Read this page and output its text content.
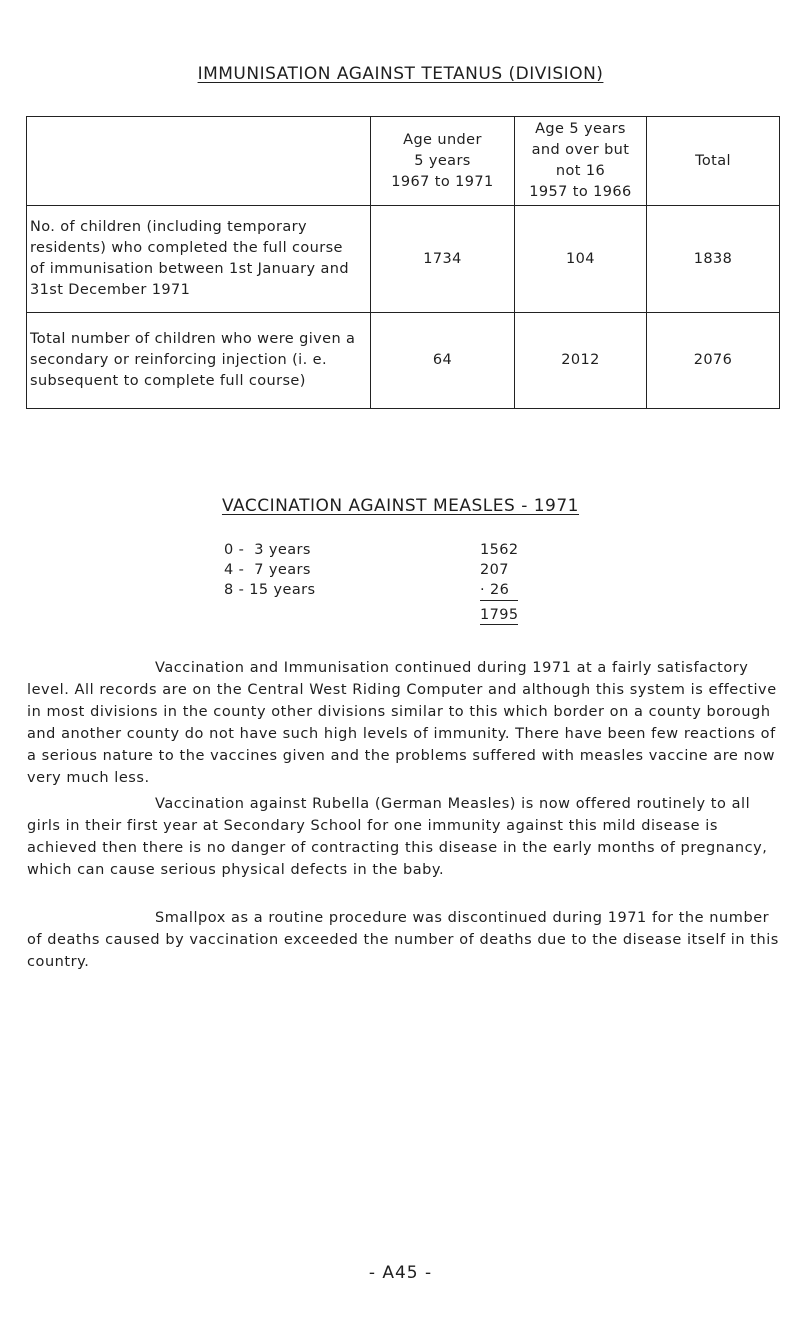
IMMUNISATION AGAINST TETANUS (DIVISION)

	Age under
5 years
1967 to 1971	Age 5 years
and over but
not 16
1957 to 1966	Total

No. of children (including temporary residents) who completed the full course of immunisation between 1st January and 31st December 1971	1734	104	1838
Total number of children who were given a secondary or reinforcing injection (i. e. subsequent to complete full course)	64	2012	2076
VACCINATION AGAINST MEASLES - 1971
0 -  3 years	1562
4 -  7 years	207
8 - 15 years	· 26
1795

Vaccination and Immunisation continued during 1971 at a fairly satisfactory level. All records are on the Central West Riding Computer and although this system is effective in most divisions in the county other divisions similar to this which border on a county borough and another county do not have such high levels of immunity. There have been few reactions of a serious nature to the vaccines given and the problems suffered with measles vaccine are now very much less.

Vaccination against Rubella (German Measles) is now offered routinely to all girls in their first year at Secondary School for one immunity against this mild disease is achieved then there is no danger of contracting this disease in the early months of pregnancy, which can cause serious physical defects in the baby.

Smallpox as a routine procedure was discontinued during 1971 for the number of deaths caused by vaccination exceeded the number of deaths due to the disease itself in this country.

- A45 -
